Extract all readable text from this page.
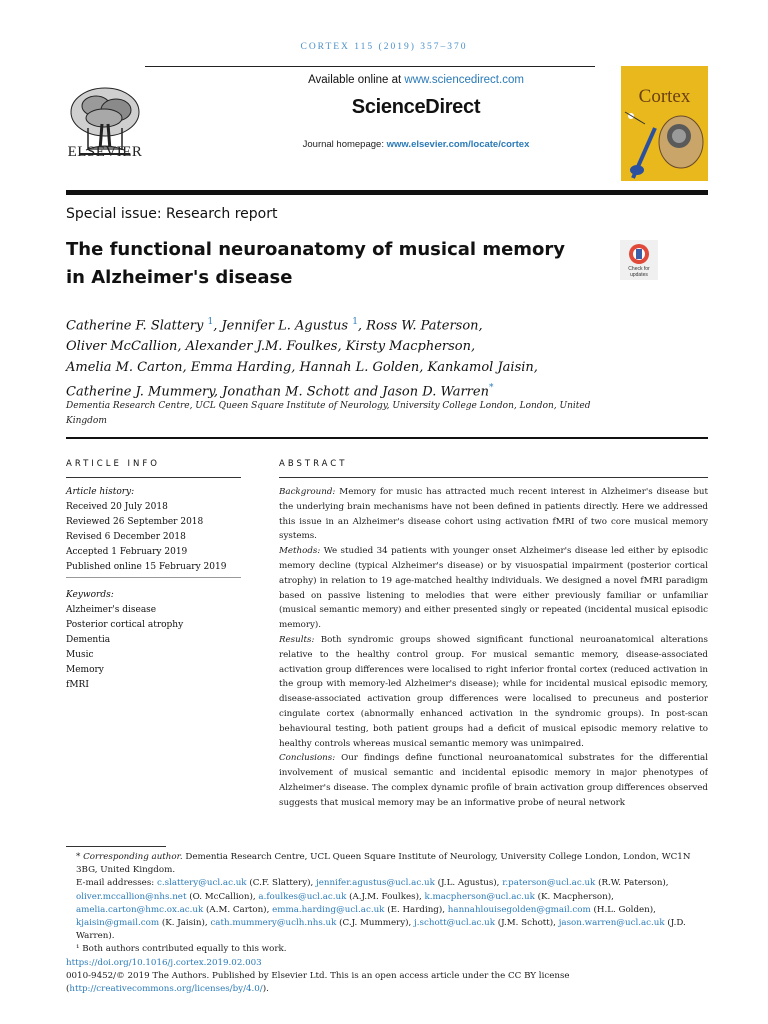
CORTEX 115 (2019) 357–370
ELSEVIER
Available online at www.sciencedirect.com
ScienceDirect
Journal homepage: www.elsevier.com/locate/cortex
Cortex
Special issue: Research report
The functional neuroanatomy of musical memory
in Alzheimer's disease	Check for updates
Catherine F. Slattery $^1$, Jennifer L. Agustus $^1$, Ross W. Paterson,
Oliver McCallion, Alexander J.M. Foulkes, Kirsty Macpherson,
Amelia M. Carton, Emma Harding, Hannah L. Golden, Kankamol Jaisin,
Catherine J. Mummery, Jonathan M. Schott and Jason D. Warren*
Dementia Research Centre, UCL Queen Square Institute of Neurology, University College London, London, United Kingdom
ARTICLE INFO	ABSTRACT
Article history:
Received 20 July 2018
Reviewed 26 September 2018
Revised 6 December 2018
Accepted 1 February 2019
Published online 15 February 2019
Keywords:
Alzheimer's disease
Posterior cortical atrophy
Dementia
Music
Memory
fMRI

Background: Memory for music has attracted much recent interest in Alzheimer's disease but the underlying brain mechanisms have not been defined in patients directly. Here we addressed this issue in an Alzheimer's disease cohort using activation fMRI of two core musical memory systems.

Methods: We studied 34 patients with younger onset Alzheimer's disease led either by episodic memory decline (typical Alzheimer's disease) or by visuospatial impairment (posterior cortical atrophy) in relation to 19 age-matched healthy individuals. We designed a novel fMRI paradigm based on passive listening to melodies that were either previously familiar or unfamiliar (musical semantic memory) and either presented singly or repeated (incidental musical episodic memory).

Results: Both syndromic groups showed significant functional neuroanatomical alterations relative to the healthy control group. For musical semantic memory, disease-associated activation group differences were localised to right inferior frontal cortex (reduced activation in the group with memory-led Alzheimer's disease); while for incidental musical episodic memory, disease-associated activation group differences were localised to precuneus and posterior cingulate cortex (abnormally enhanced activation in the syndromic groups). In post-scan behavioural testing, both patient groups had a deficit of musical episodic memory relative to healthy controls whereas musical semantic memory was unimpaired.

Conclusions: Our findings define functional neuroanatomical substrates for the differential involvement of musical semantic and incidental episodic memory in major phenotypes of Alzheimer's disease. The complex dynamic profile of brain activation group differences observed suggests that musical memory may be an informative probe of neural network

* Corresponding author. Dementia Research Centre, UCL Queen Square Institute of Neurology, University College London, London, WC1N 3BG, United Kingdom.

E-mail addresses: c.slattery@ucl.ac.uk (C.F. Slattery), jennifer.agustus@ucl.ac.uk (J.L. Agustus), r.paterson@ucl.ac.uk (R.W. Paterson), oliver.mccallion@nhs.net (O. McCallion), a.foulkes@ucl.ac.uk (A.J.M. Foulkes), k.macpherson@ucl.ac.uk (K. Macpherson), amelia.carton@hmc.ox.ac.uk (A.M. Carton), emma.harding@ucl.ac.uk (E. Harding), hannahlouisegolden@gmail.com (H.L. Golden), kjaisin@gmail.com (K. Jaisin), cath.mummery@uclh.nhs.uk (C.J. Mummery), j.schott@ucl.ac.uk (J.M. Schott), jason.warren@ucl.ac.uk (J.D. Warren).

¹ Both authors contributed equally to this work.

https://doi.org/10.1016/j.cortex.2019.02.003

0010-9452/© 2019 The Authors. Published by Elsevier Ltd. This is an open access article under the CC BY license (http://creativecommons.org/licenses/by/4.0/).
